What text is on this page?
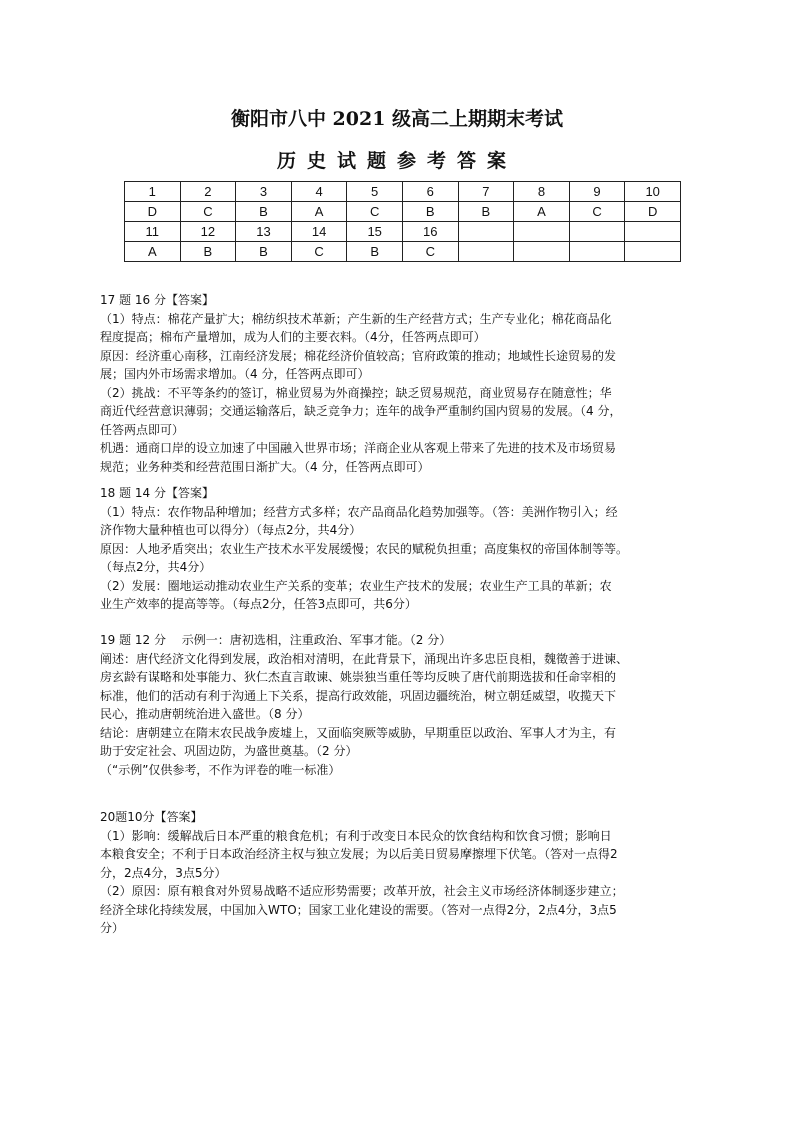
衡阳市八中 2021 级高二上期期末考试
历史试题参考答案
1	2	3	4	5	6	7	8	9	10
D	C	B	A	C	B	B	A	C	D
11	12	13	14	15	16				
A	B	B	C	B	C				

17 题 16 分【答案】

（1）特点：棉花产量扩大；棉纺织技术革新；产生新的生产经营方式；生产专业化；棉花商品化

程度提高；棉布产量增加，成为人们的主要衣料。（4分，任答两点即可）

原因：经济重心南移，江南经济发展；棉花经济价值较高；官府政策的推动；地域性长途贸易的发

展；国内外市场需求增加。（4 分，任答两点即可）

（2）挑战：不平等条约的签订，棉业贸易为外商操控；缺乏贸易规范，商业贸易存在随意性；华

商近代经营意识薄弱；交通运输落后，缺乏竞争力；连年的战争严重制约国内贸易的发展。（4 分，

任答两点即可）

机遇：通商口岸的设立加速了中国融入世界市场；洋商企业从客观上带来了先进的技术及市场贸易

规范；业务种类和经营范围日渐扩大。（4 分，任答两点即可）

18 题 14 分【答案】

（1）特点：农作物品种增加；经营方式多样；农产品商品化趋势加强等。（答：美洲作物引入；经

济作物大量种植也可以得分）（每点2分，共4分）

原因：人地矛盾突出；农业生产技术水平发展缓慢；农民的赋税负担重；高度集权的帝国体制等等。

（每点2分，共4分）

（2）发展：圈地运动推动农业生产关系的变革；农业生产技术的发展；农业生产工具的革新；农

业生产效率的提高等等。（每点2分，任答3点即可，共6分）

19 题 12 分　 示例一：唐初选相，注重政治、军事才能。（2 分）

阐述：唐代经济文化得到发展，政治相对清明，在此背景下，涌现出许多忠臣良相，魏徵善于进谏、

房玄龄有谋略和处事能力、狄仁杰直言敢谏、姚崇独当重任等均反映了唐代前期选拔和任命宰相的

标准，他们的活动有利于沟通上下关系，提高行政效能，巩固边疆统治，树立朝廷威望，收揽天下

民心，推动唐朝统治进入盛世。（8 分）

结论：唐朝建立在隋末农民战争废墟上，又面临突厥等威胁，早期重臣以政治、军事人才为主，有

助于安定社会、巩固边防，为盛世奠基。（2 分）

（“示例”仅供参考，不作为评卷的唯一标准）

20题10分【答案】

（1）影响：缓解战后日本严重的粮食危机；有利于改变日本民众的饮食结构和饮食习惯；影响日

本粮食安全；不利于日本政治经济主权与独立发展；为以后美日贸易摩擦埋下伏笔。（答对一点得2

分，2点4分，3点5分）

（2）原因：原有粮食对外贸易战略不适应形势需要；改革开放，社会主义市场经济体制逐步建立；

经济全球化持续发展，中国加入WTO；国家工业化建设的需要。（答对一点得2分，2点4分，3点5

分）
